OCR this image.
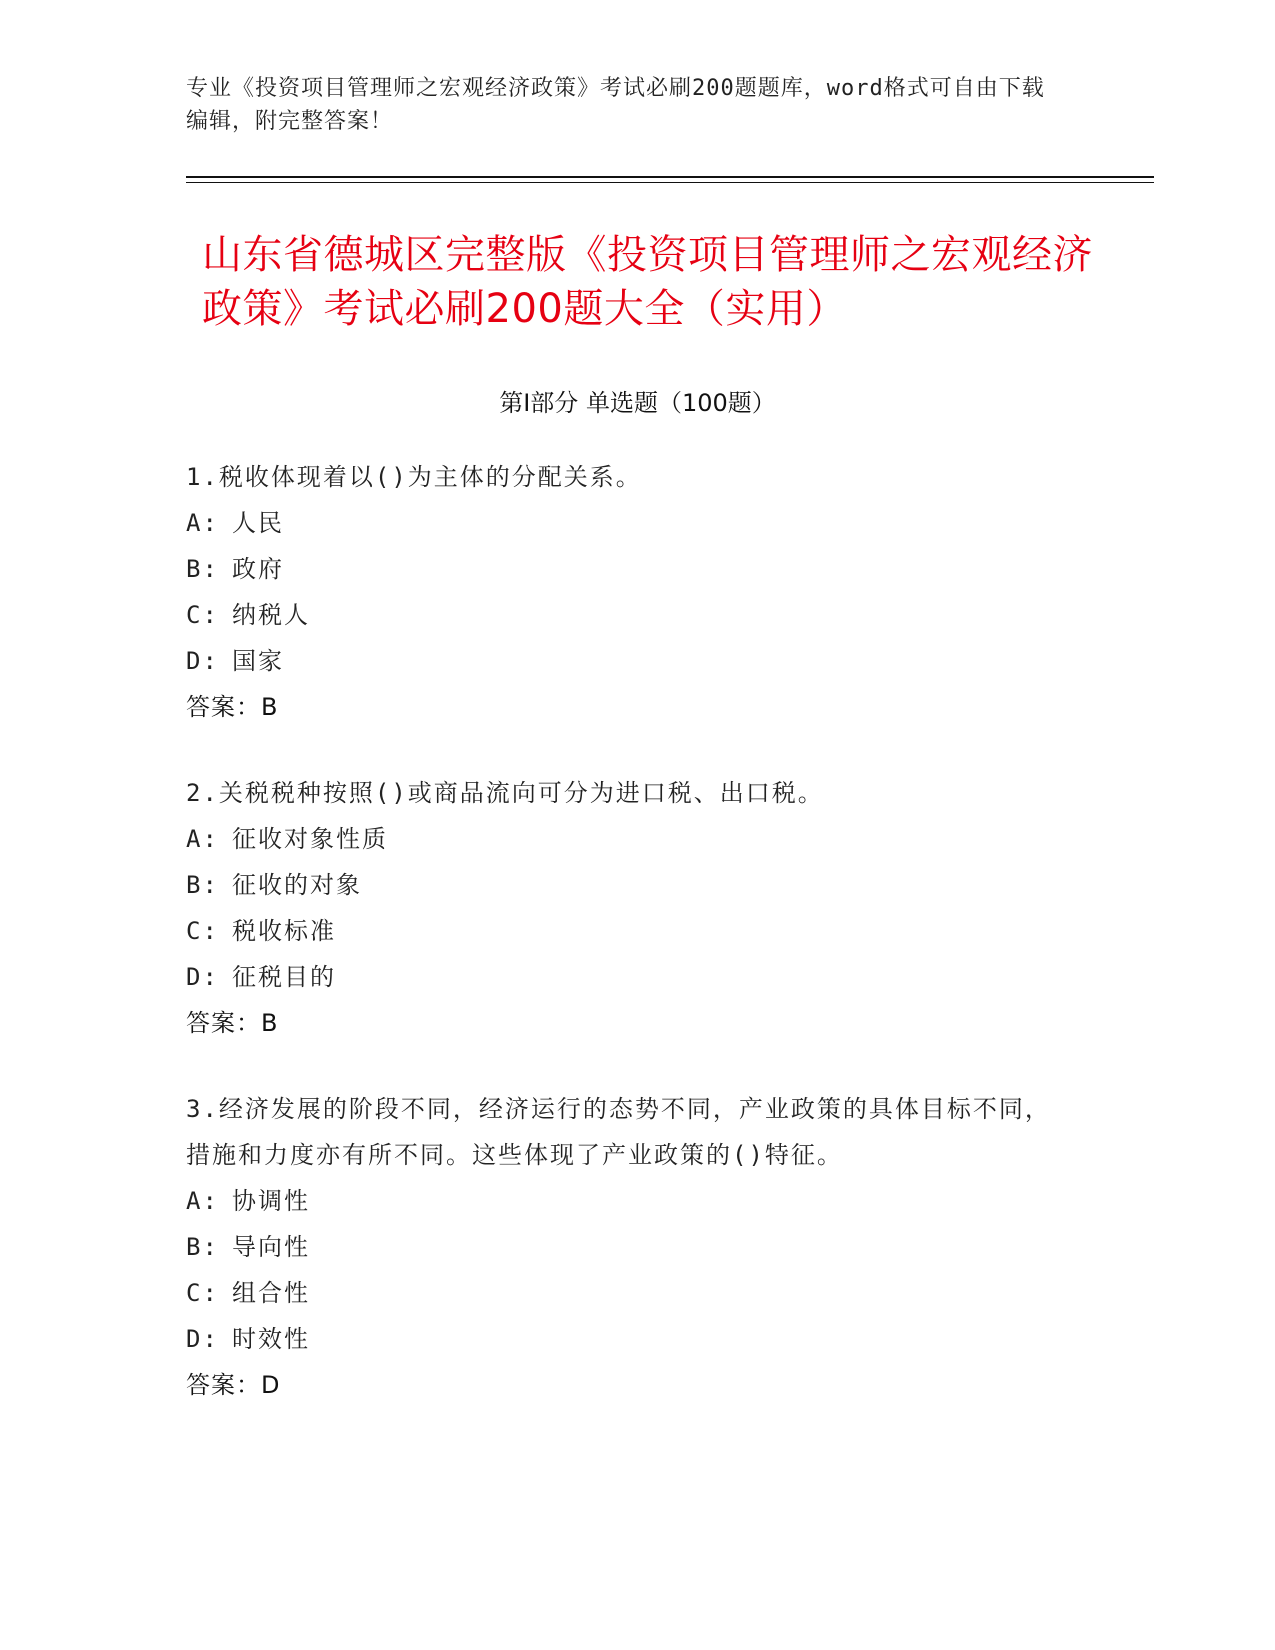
专业《投资项目管理师之宏观经济政策》考试必刷200题题库，word格式可自由下载编辑，附完整答案！
山东省德城区完整版《投资项目管理师之宏观经济政策》考试必刷200题大全（实用）
第I部分 单选题（100题）

1.税收体现着以()为主体的分配关系。

A: 人民

B: 政府

C: 纳税人

D: 国家

答案：B

2.关税税种按照()或商品流向可分为进口税、出口税。

A: 征收对象性质

B: 征收的对象

C: 税收标准

D: 征税目的

答案：B

3.经济发展的阶段不同，经济运行的态势不同，产业政策的具体目标不同，措施和力度亦有所不同。这些体现了产业政策的()特征。

A: 协调性

B: 导向性

C: 组合性

D: 时效性

答案：D
